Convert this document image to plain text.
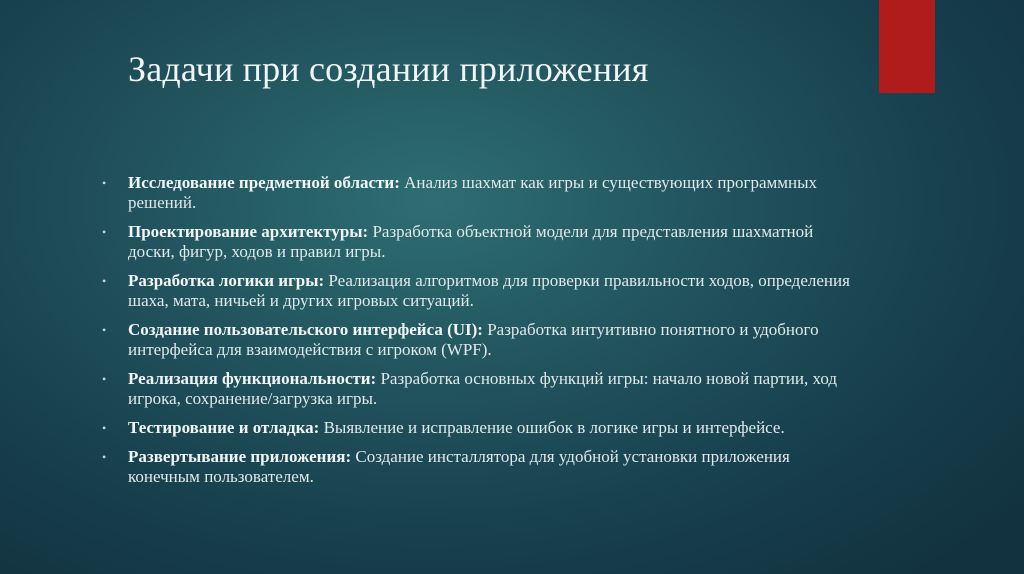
Задачи при создании приложения
• Исследование предметной области: Анализ шахмат как игры и существующих программных решений.
• Проектирование архитектуры: Разработка объектной модели для представления шахматной доски, фигур, ходов и правил игры.
• Разработка логики игры: Реализация алгоритмов для проверки правильности ходов, определения шаха, мата, ничьей и других игровых ситуаций.
• Создание пользовательского интерфейса (UI): Разработка интуитивно понятного и удобного интерфейса для взаимодействия с игроком (WPF).
• Реализация функциональности: Разработка основных функций игры: начало новой партии, ход игрока, сохранение/загрузка игры.
• Тестирование и отладка: Выявление и исправление ошибок в логике игры и интерфейсе.
• Развертывание приложения: Создание инсталлятора для удобной установки приложения конечным пользователем.
